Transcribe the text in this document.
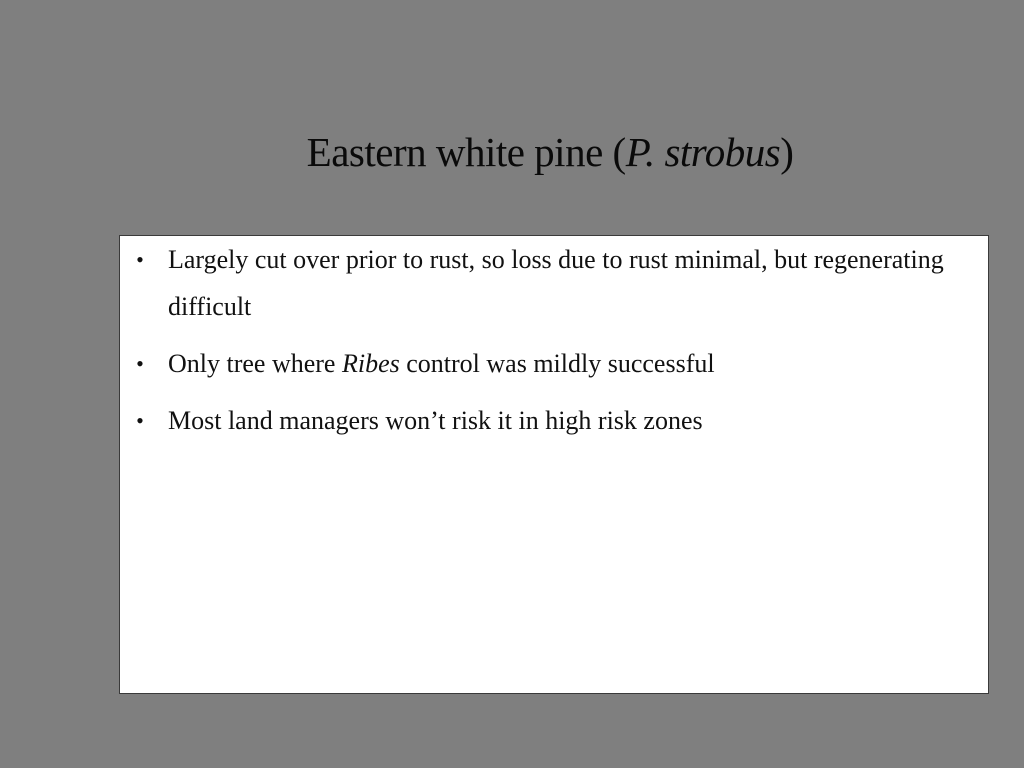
Eastern white pine (P. strobus)
• Largely cut over prior to rust, so loss due to rust minimal, but regenerating difficult
• Only tree where Ribes control was mildly successful
• Most land managers won’t risk it in high risk zones
